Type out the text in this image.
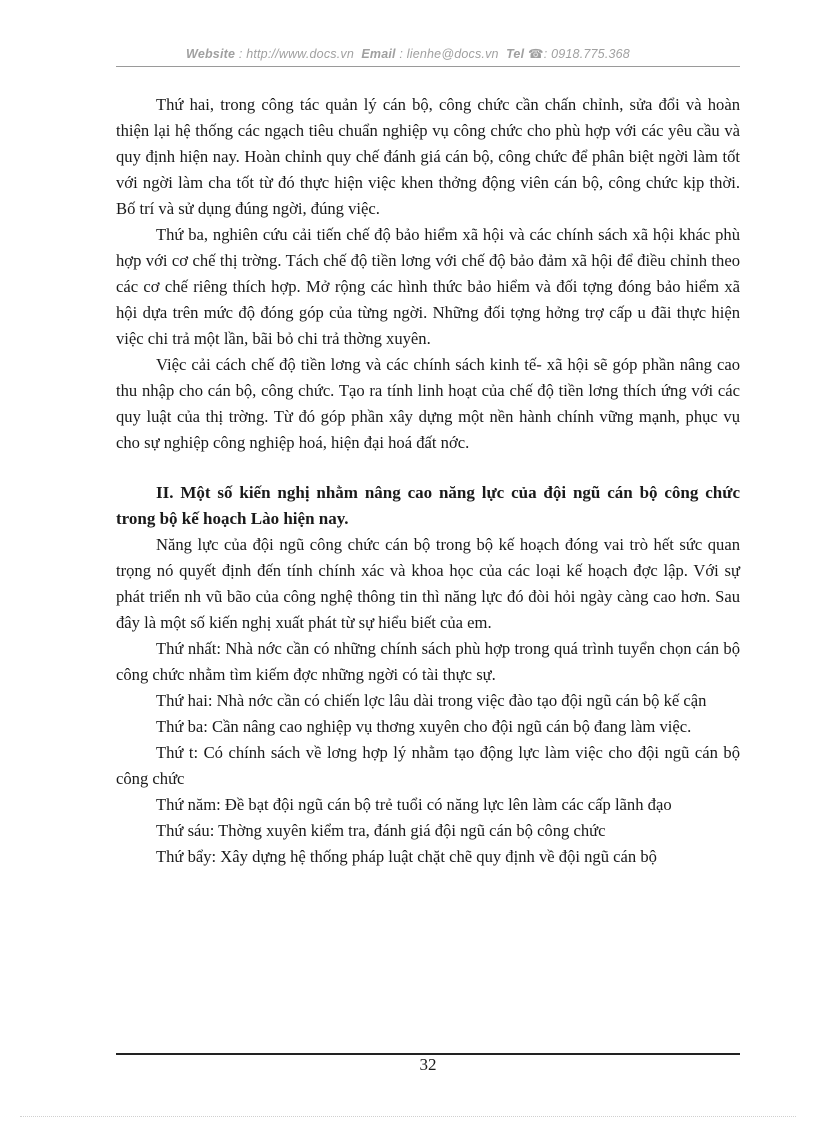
Website : http://www.docs.vn Email : lienhe@docs.vn Tel ☎: 0918.775.368

Thứ hai, trong công tác quản lý cán bộ, công chức cần chấn chỉnh, sửa đổi và hoàn thiện lại hệ thống các ngạch tiêu chuẩn nghiệp vụ công chức cho phù hợp với các yêu cầu và quy định hiện nay. Hoàn chỉnh quy chế đánh giá cán bộ, công chức để phân biệt ngời làm tốt với ngời làm cha tốt từ đó thực hiện việc khen thởng động viên cán bộ, công chức kịp thời. Bố trí và sử dụng đúng ngời, đúng việc.

Thứ ba, nghiên cứu cải tiến chế độ bảo hiểm xã hội và các chính sách xã hội khác phù hợp với cơ chế thị trờng. Tách chế độ tiền lơng với chế độ bảo đảm xã hội để điều chỉnh theo các cơ chế riêng thích hợp. Mở rộng các hình thức bảo hiểm và đối tợng đóng bảo hiểm xã hội dựa trên mức độ đóng góp của từng ngời. Những đối tợng hởng trợ cấp u đãi thực hiện việc chi trả một lần, bãi bỏ chi trả thờng xuyên.

Việc cải cách chế độ tiền lơng và các chính sách kinh tế- xã hội sẽ góp phần nâng cao thu nhập cho cán bộ, công chức. Tạo ra tính linh hoạt của chế độ tiền lơng thích ứng với các quy luật của thị trờng. Từ đó góp phần xây dựng một nền hành chính vững mạnh, phục vụ cho sự nghiệp công nghiệp hoá, hiện đại hoá đất nớc.

II. Một số kiến nghị nhằm nâng cao năng lực của đội ngũ cán bộ công chức trong bộ kế hoạch Lào hiện nay.

Năng lực của đội ngũ công chức cán bộ trong bộ kế hoạch đóng vai trò hết sức quan trọng nó quyết định đến tính chính xác và khoa học của các loại kế hoạch đợc lập. Với sự phát triển nh vũ bão của công nghệ thông tin thì năng lực đó đòi hỏi ngày càng cao hơn. Sau đây là một số kiến nghị xuất phát từ sự hiểu biết của em.

Thứ nhất: Nhà nớc cần có những chính sách phù hợp trong quá trình tuyển chọn cán bộ công chức nhằm tìm kiếm đợc những ngời có tài thực sự.

Thứ hai: Nhà nớc cần có chiến lợc lâu dài trong việc đào tạo đội ngũ cán bộ kế cận

Thứ ba: Cần nâng cao nghiệp vụ thơng xuyên cho đội ngũ cán bộ đang làm việc.

Thứ t: Có chính sách về lơng hợp lý nhằm tạo động lực làm việc cho đội ngũ cán bộ công chức

Thứ năm: Đề bạt đội ngũ cán bộ trẻ tuổi có năng lực lên làm các cấp lãnh đạo

Thứ sáu: Thờng xuyên kiểm tra, đánh giá đội ngũ cán bộ công chức

Thứ bẩy: Xây dựng hệ thống pháp luật chặt chẽ quy định về đội ngũ cán bộ

32
